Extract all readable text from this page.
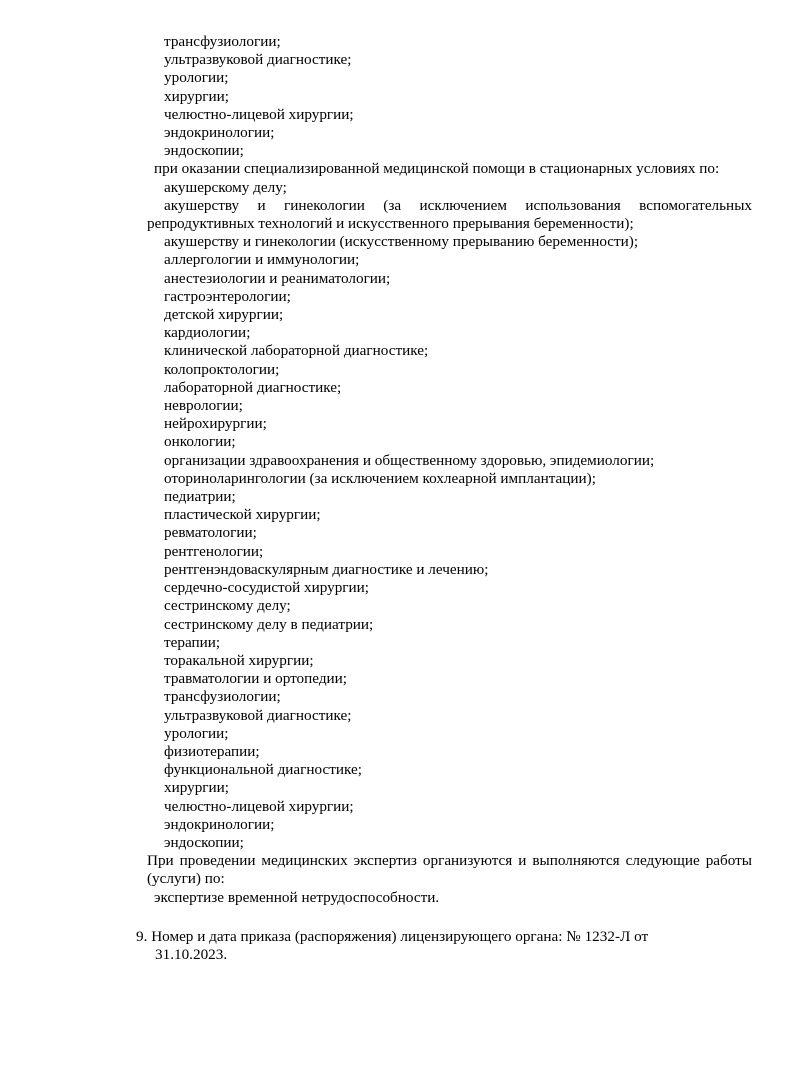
трансфузиологии;
ультразвуковой диагностике;
урологии;
хирургии;
челюстно-лицевой хирургии;
эндокринологии;
эндоскопии;
при оказании специализированной медицинской помощи в стационарных условиях по:
акушерскому делу;
акушерству и гинекологии (за исключением использования вспомогательных репродуктивных технологий и искусственного прерывания беременности);
акушерству и гинекологии (искусственному прерыванию беременности);
аллергологии и иммунологии;
анестезиологии и реаниматологии;
гастроэнтерологии;
детской хирургии;
кардиологии;
клинической лабораторной диагностике;
колопроктологии;
лабораторной диагностике;
неврологии;
нейрохирургии;
онкологии;
организации здравоохранения и общественному здоровью, эпидемиологии;
оториноларингологии (за исключением кохлеарной имплантации);
педиатрии;
пластической хирургии;
ревматологии;
рентгенологии;
рентгенэндоваскулярным диагностике и лечению;
сердечно-сосудистой хирургии;
сестринскому делу;
сестринскому делу в педиатрии;
терапии;
торакальной хирургии;
травматологии и ортопедии;
трансфузиологии;
ультразвуковой диагностике;
урологии;
физиотерапии;
функциональной диагностике;
хирургии;
челюстно-лицевой хирургии;
эндокринологии;
эндоскопии;
При проведении медицинских экспертиз организуются и выполняются следующие работы (услуги) по:
экспертизе временной нетрудоспособности.
9. Номер и дата приказа (распоряжения) лицензирующего органа: № 1232-Л от
31.10.2023.
